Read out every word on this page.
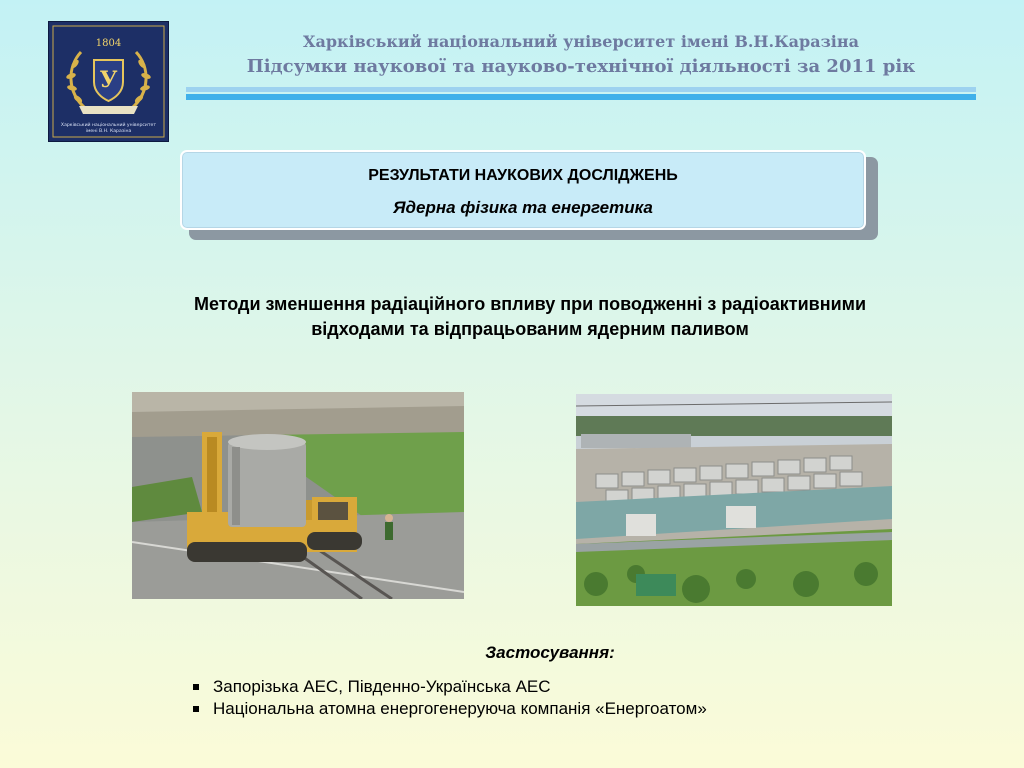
У
1804
Харківський національний університет
імені В.Н. Каразіна
Харківський національний університет імені В.Н.Каразіна
Підсумки наукової та науково-технічної діяльності за 2011 рік
РЕЗУЛЬТАТИ НАУКОВИХ ДОСЛІДЖЕНЬ
Ядерна фізика та енергетика
Методи зменшення радіаційного впливу при поводженні з радіоактивними
відходами та відпрацьованим ядерним паливом
Застосування:
Запорізька АЕС, Південно-Українська АЕС
Національна атомна енергогенеруюча компанія «Енергоатом»
